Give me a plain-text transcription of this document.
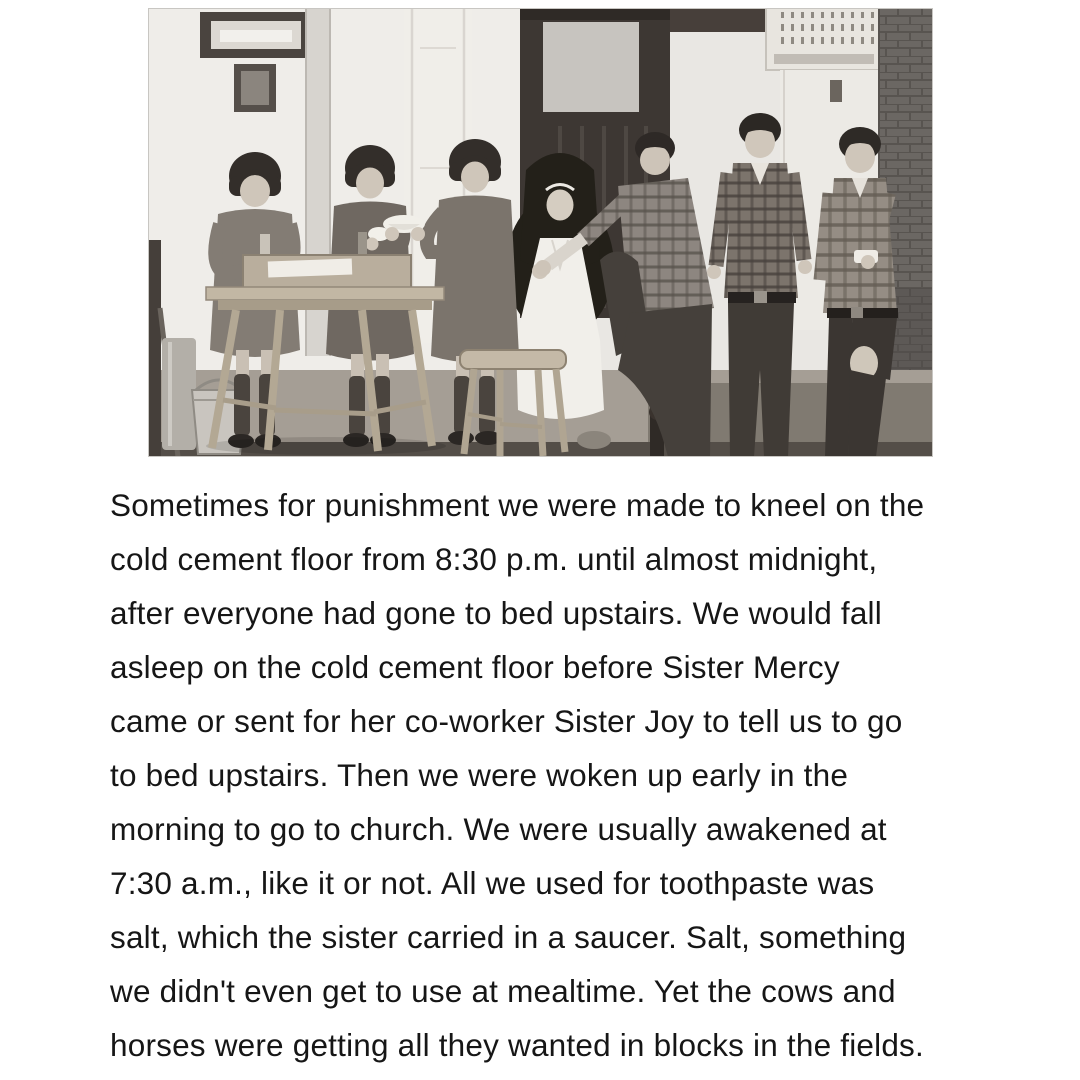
Sometimes for punishment we were made to kneel on the
cold cement floor from 8:30 p.m. until almost midnight,
after everyone had gone to bed upstairs. We would fall
asleep on the cold cement floor before Sister Mercy
came or sent for her co-worker Sister Joy to tell us to go
to bed upstairs. Then we were woken up early in the
morning to go to church. We were usually awakened at
7:30 a.m., like it or not. All we used for toothpaste was
salt, which the sister carried in a saucer. Salt, something
we didn't even get to use at mealtime. Yet the cows and
horses were getting all they wanted in blocks in the fields.
